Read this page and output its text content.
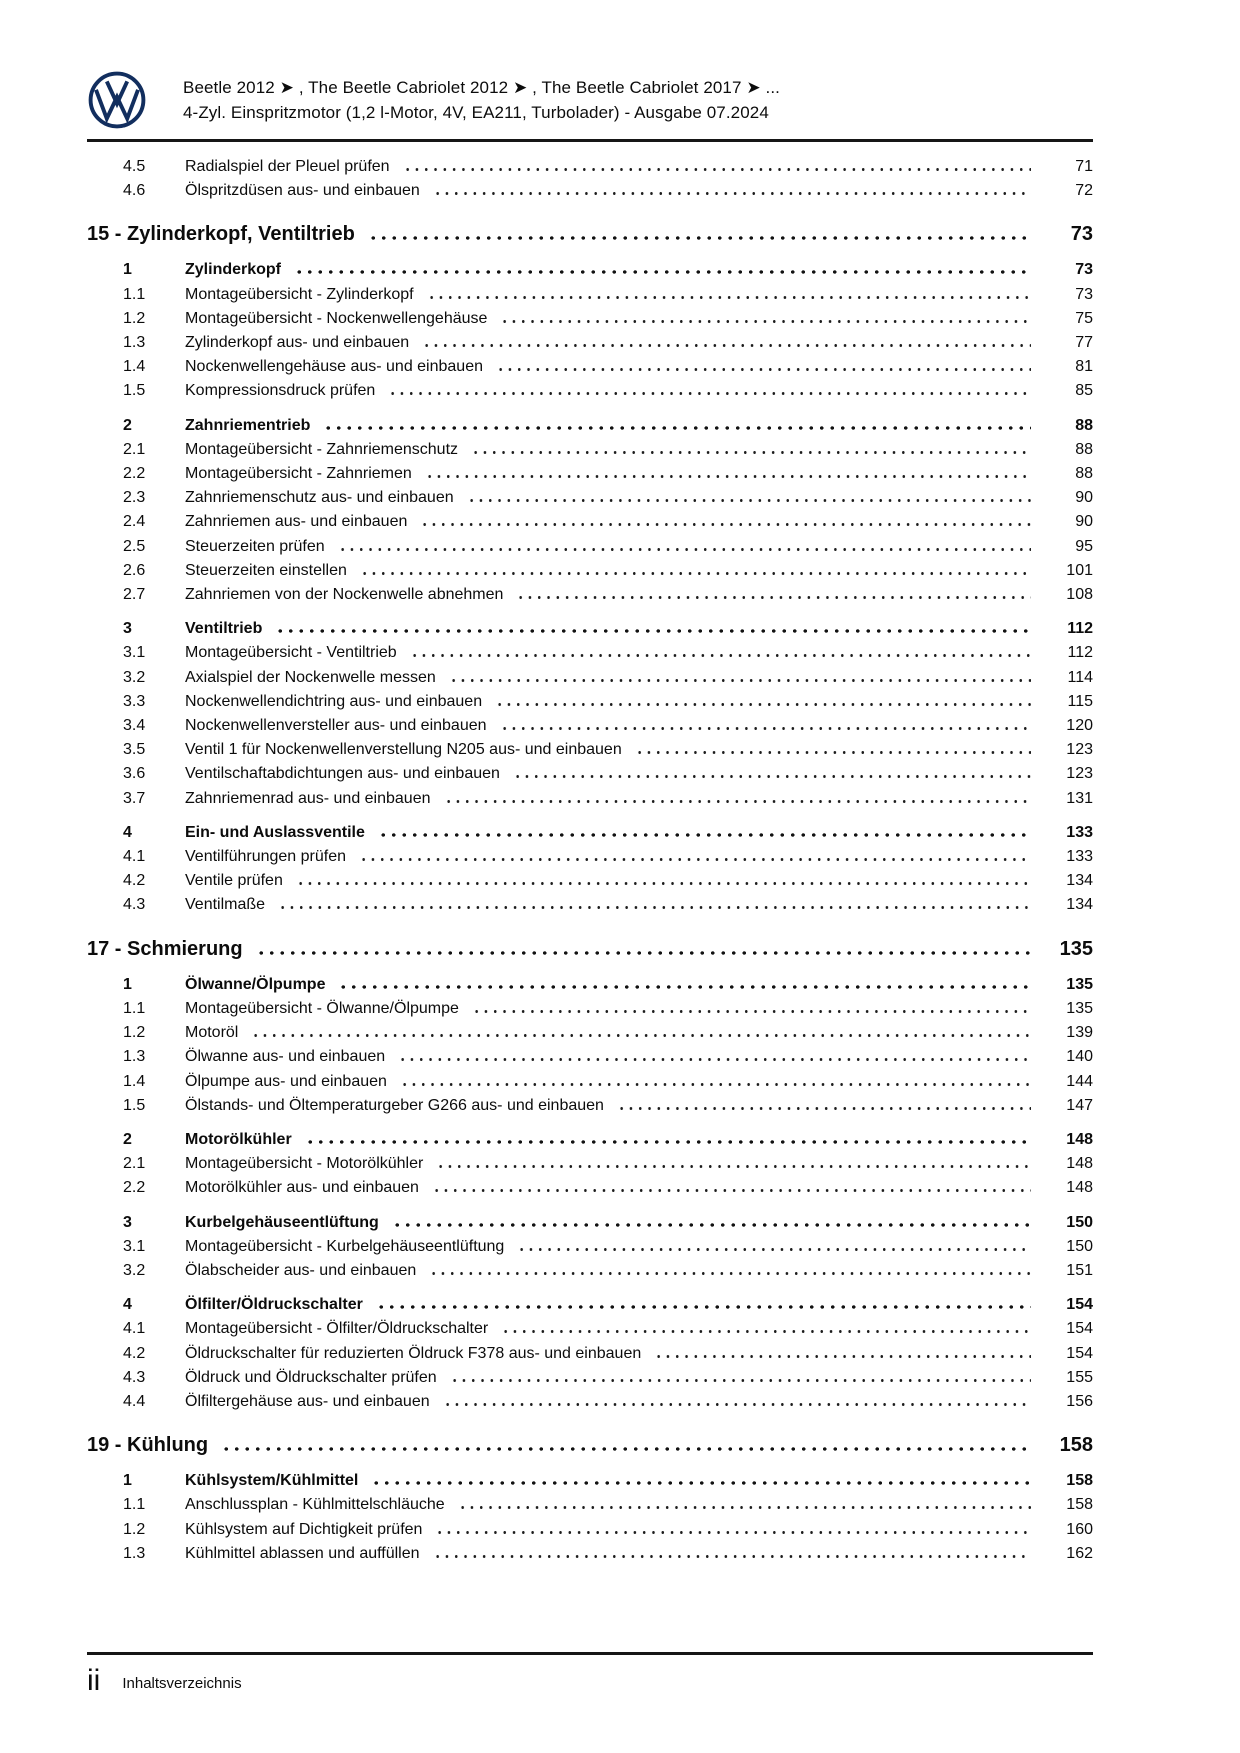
Beetle 2012 ➤ , The Beetle Cabriolet 2012 ➤ , The Beetle Cabriolet 2017 ➤ ...
4-Zyl. Einspritzmotor (1,2 l-Motor, 4V, EA211, Turbolader) - Ausgabe 07.2024
4.5	Radialspiel der Pleuel prüfen	71
4.6	Ölspritzdüsen aus- und einbauen	72
15 - Zylinderkopf, Ventiltrieb	73
1	Zylinderkopf	73
1.1	Montageübersicht - Zylinderkopf	73
1.2	Montageübersicht - Nockenwellengehäuse	75
1.3	Zylinderkopf aus- und einbauen	77
1.4	Nockenwellengehäuse aus- und einbauen	81
1.5	Kompressionsdruck prüfen	85
2	Zahnriementrieb	88
2.1	Montageübersicht - Zahnriemenschutz	88
2.2	Montageübersicht - Zahnriemen	88
2.3	Zahnriemenschutz aus- und einbauen	90
2.4	Zahnriemen aus- und einbauen	90
2.5	Steuerzeiten prüfen	95
2.6	Steuerzeiten einstellen	101
2.7	Zahnriemen von der Nockenwelle abnehmen	108
3	Ventiltrieb	112
3.1	Montageübersicht - Ventiltrieb	112
3.2	Axialspiel der Nockenwelle messen	114
3.3	Nockenwellendichtring aus- und einbauen	115
3.4	Nockenwellenversteller aus- und einbauen	120
3.5	Ventil 1 für Nockenwellenverstellung N205 aus- und einbauen	123
3.6	Ventilschaftabdichtungen aus- und einbauen	123
3.7	Zahnriemenrad aus- und einbauen	131
4	Ein- und Auslassventile	133
4.1	Ventilführungen prüfen	133
4.2	Ventile prüfen	134
4.3	Ventilmaße	134
17 - Schmierung	135
1	Ölwanne/Ölpumpe	135
1.1	Montageübersicht - Ölwanne/Ölpumpe	135
1.2	Motoröl	139
1.3	Ölwanne aus- und einbauen	140
1.4	Ölpumpe aus- und einbauen	144
1.5	Ölstands- und Öltemperaturgeber G266 aus- und einbauen	147
2	Motorölkühler	148
2.1	Montageübersicht - Motorölkühler	148
2.2	Motorölkühler aus- und einbauen	148
3	Kurbelgehäuseentlüftung	150
3.1	Montageübersicht - Kurbelgehäuseentlüftung	150
3.2	Ölabscheider aus- und einbauen	151
4	Ölfilter/Öldruckschalter	154
4.1	Montageübersicht - Ölfilter/Öldruckschalter	154
4.2	Öldruckschalter für reduzierten Öldruck F378 aus- und einbauen	154
4.3	Öldruck und Öldruckschalter prüfen	155
4.4	Ölfiltergehäuse aus- und einbauen	156
19 - Kühlung	158
1	Kühlsystem/Kühlmittel	158
1.1	Anschlussplan - Kühlmittelschläuche	158
1.2	Kühlsystem auf Dichtigkeit prüfen	160
1.3	Kühlmittel ablassen und auffüllen	162
ii Inhaltsverzeichnis
